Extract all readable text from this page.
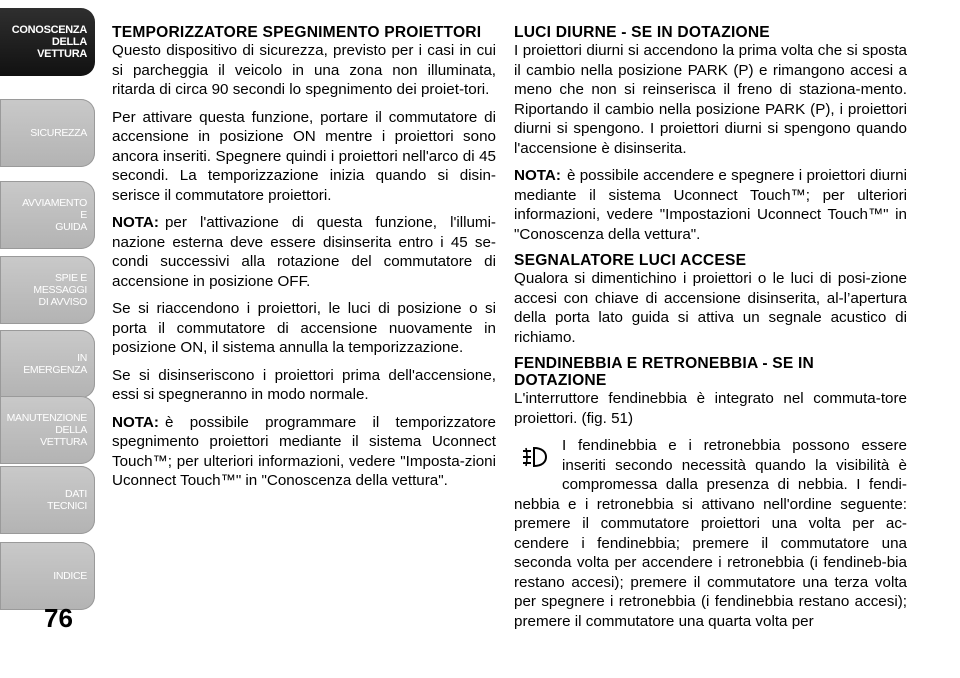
CONOSCENZA
DELLA
VETTURA
SICUREZZA
AVVIAMENTO
E
GUIDA
SPIE E
MESSAGGI
DI AVVISO
IN
EMERGENZA
MANUTENZIONE
DELLA
VETTURA
DATI
TECNICI
INDICE
76
TEMPORIZZATORE SPEGNIMENTO PROIETTORI

Questo dispositivo di sicurezza, previsto per i casi in cui si parcheggia il veicolo in una zona non illuminata, ritarda di circa 90 secondi lo spegnimento dei proiet-tori.

Per attivare questa funzione, portare il commutatore di accensione in posizione ON mentre i proiettori sono ancora inseriti. Spegnere quindi i proiettori nell'arco di 45 secondi. La temporizzazione inizia quando si disin-serisce il commutatore proiettori.

NOTA: per l'attivazione di questa funzione, l'illumi-nazione esterna deve essere disinserita entro i 45 se-condi successivi alla rotazione del commutatore di accensione in posizione OFF.

Se si riaccendono i proiettori, le luci di posizione o si porta il commutatore di accensione nuovamente in posizione ON, il sistema annulla la temporizzazione.

Se si disinseriscono i proiettori prima dell'accensione, essi si spegneranno in modo normale.

NOTA: è possibile programmare il temporizzatore spegnimento proiettori mediante il sistema Uconnect Touch™; per ulteriori informazioni, vedere "Imposta-zioni Uconnect Touch™" in "Conoscenza della vettura".

LUCI DIURNE - SE IN DOTAZIONE

I proiettori diurni si accendono la prima volta che si sposta il cambio nella posizione PARK (P) e rimangono accesi a meno che non si reinserisca il freno di staziona-mento. Riportando il cambio nella posizione PARK (P), i proiettori diurni si spengono. I proiettori diurni si spengono quando l'accensione è disinserita.

NOTA: è possibile accendere e spegnere i proiettori diurni mediante il sistema Uconnect Touch™; per ulteriori informazioni, vedere "Impostazioni Uconnect Touch™" in "Conoscenza della vettura".

SEGNALATORE LUCI ACCESE

Qualora si dimentichino i proiettori o le luci di posi-zione accesi con chiave di accensione disinserita, al-l’apertura della porta lato guida si attiva un segnale acustico di richiamo.

FENDINEBBIA E RETRONEBBIA - SE IN DOTAZIONE

L'interruttore fendinebbia è integrato nel commuta-tore proiettori. (fig. 51)

I fendinebbia e i retronebbia possono essere inseriti secondo necessità quando la visibilità è compromessa dalla presenza di nebbia. I fendi-nebbia e i retronebbia si attivano nell'ordine seguente: premere il commutatore proiettori una volta per ac-cendere i fendinebbia; premere il commutatore una seconda volta per accendere i retronebbia (i fendineb-bia restano accesi); premere il commutatore una terza volta per spegnere i retronebbia (i fendinebbia restano accesi); premere il commutatore una quarta volta per
